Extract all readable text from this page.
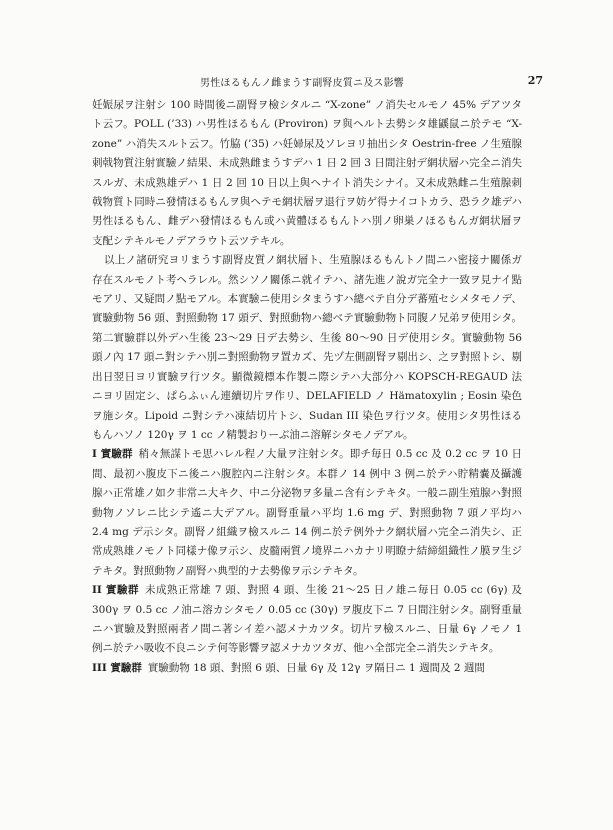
男性ほるもんノ雌まうす副腎皮質ニ及ス影響	27

妊娠尿ヲ注射シ 100 時間後ニ副腎ヲ檢シタルニ “X-zone” ノ消失セルモノ 45% デアツタト云フ。POLL (’33) ハ男性ほるもん (Proviron) ヲ與ヘルト去勢シタ雄鼷鼠ニ於テモ “X-zone” ハ消失スルト云フ。竹脇 (’35) ハ妊婦尿及ソレヨリ抽出シタ Oestrin-free ノ生殖腺刺戟物質注射實驗ノ結果、未成熟雌まうすデハ 1 日 2 回 3 日間注射デ網状層ハ完全ニ消失スルガ、未成熟雄デハ 1 日 2 回 10 日以上與ヘナイト消失シナイ。又未成熟雌ニ生殖腺刺戟物質ト同時ニ發情ほるもんヲ與ヘテモ網状層ヲ退行ヲ妨ゲ得ナイコトカラ、恐ラク雄デハ男性ほるもん、雌デハ發情ほるもん或ハ黄體ほるもんトハ別ノ卵巣ノほるもんガ網状層ヲ支配シテキルモノデアラウト云ツテキル。

以上ノ諸研究ヨリまうす副腎皮質ノ網状層ト、生殖腺ほるもんトノ間ニハ密接ナ關係ガ存在スルモノト考ヘラレル。然シソノ關係ニ就イテハ、諸先進ノ說ガ完全ナ一致ヲ見ナイ點モアリ、又疑問ノ點モアル。本實驗ニ使用シタまうすハ總ベテ自分デ蕃殖セシメタモノデ、實驗動物 56 頭、對照動物 17 頭デ、對照動物ハ總ベテ實驗動物ト同腹ノ兄弟ヲ使用シタ。第二實驗群以外デハ生後 23〜29 日デ去勢シ、生後 80〜90 日デ使用シタ。實驗動物 56 頭ノ內 17 頭ニ對シテハ別ニ對照動物ヲ置カズ、先ヅ左側副腎ヲ剔出シ、之ヲ對照トシ、剔出日翌日ヨリ實驗ヲ行ツタ。顯微鏡標本作製ニ際シテハ大部分ハ KOPSCH-REGAUD 法ニヨリ固定シ、ぱらふぃん連續切片ヲ作リ、DELAFIELD ノ Hämatoxylin ; Eosin 染色ヲ施シタ。Lipoid ニ對シテハ凍結切片トシ、Sudan III 染色ヲ行ツタ。使用シタ男性ほるもんハソノ 120γ ヲ 1 cc ノ精製おりーぶ油ニ溶解シタモノデアル。

I 實驗群 稍々無謀トモ思ハレル程ノ大量ヲ注射シタ。即チ毎日 0.5 cc 及 0.2 cc ヲ 10 日間、最初ハ腹皮下ニ後ニハ腹腔內ニ注射シタ。本群ノ 14 例中 3 例ニ於テハ貯精嚢及攝護腺ハ正常雄ノ如ク非常ニ大キク、中ニ分泌物ヲ多量ニ含有シテキタ。一般ニ副生殖腺ハ對照動物ノソレニ比シテ遙ニ大デアル。副腎重量ハ平均 1.6 mg デ、對照動物 7 頭ノ平均ハ 2.4 mg デ示シタ。副腎ノ組織ヲ檢スルニ 14 例ニ於テ例外ナク網状層ハ完全ニ消失シ、正常成熟雄ノモノト同樣ナ像ヲ示シ、皮髓兩質ノ境界ニハカナリ明瞭ナ結締組織性ノ膜ヲ生ジテキタ。對照動物ノ副腎ハ典型的ナ去勢像ヲ示シテキタ。

II 實驗群 未成熟正常雄 7 頭、對照 4 頭、生後 21〜25 日ノ雄ニ毎日 0.05 cc (6γ) 及 300γ ヲ 0.5 cc ノ油ニ溶カシタモノ 0.05 cc (30γ) ヲ腹皮下ニ 7 日間注射シタ。副腎重量ニハ實驗及對照兩者ノ間ニ著シイ差ハ認メナカツタ。切片ヲ檢スルニ、日量 6γ ノモノ 1 例ニ於テハ吸收不良ニシテ何等影響ヲ認メナカツタガ、他ハ全部完全ニ消失シテキタ。

III 實驗群 實驗動物 18 頭、對照 6 頭、日量 6γ 及 12γ ヲ隔日ニ 1 週間及 2 週間
